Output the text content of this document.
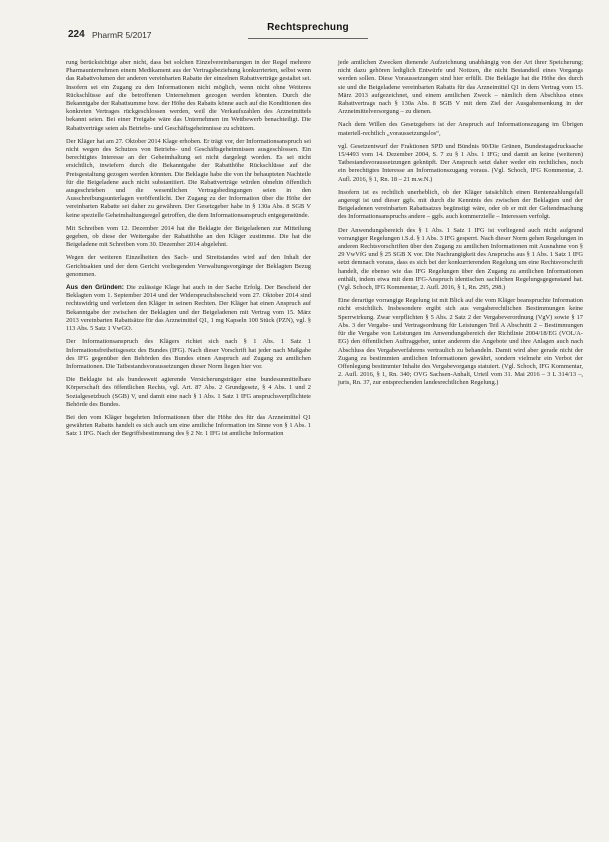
224 PharmR 5/2017
Rechtsprechung

rung berücksichtige aber nicht, dass bei solchen Einzelvereinbarungen in der Regel mehrere Pharmaunternehmen einem Medikament aus der Vertragsbeziehung konkurrierten, selbst wenn das Rabattvolumen der anderen vereinbarten Rabatte der einzelnen Rabattverträge gestaltet sei. Insofern sei ein Zugang zu den Informationen nicht möglich, wenn nicht ohne Weiteres Rückschlüsse auf die betroffenen Unternehmen gezogen werden könnten. Durch die Bekanntgabe der Rabattsumme bzw. der Höhe des Rabatts könne auch auf die Konditionen des konkreten Vertrages rückgeschlossen werden, weil die Verkaufszahlen des Arzneimittels bekannt seien. Bei einer Freigabe wäre das Unternehmen im Wettbewerb benachteiligt. Die Rabattverträge seien als Betriebs- und Geschäftsgeheimnisse zu schützen.

Der Kläger hat am 27. Oktober 2014 Klage erhoben. Er trägt vor, der Informationsanspruch sei nicht wegen des Schutzes von Betriebs- und Geschäftsgeheimnissen ausgeschlossen. Ein berechtigtes Interesse an der Geheimhaltung sei nicht dargelegt worden. Es sei nicht ersichtlich, inwiefern durch die Bekanntgabe der Rabatthöhe Rückschlüsse auf die Preisgestaltung gezogen werden könnten. Die Beklagte habe die von ihr behaupteten Nachteile für die Beigeladene auch nicht substantiiert. Die Rabattverträge würden ohnehin öffentlich ausgeschrieben und die wesentlichen Vertragsbedingungen seien in den Ausschreibungsunterlagen veröffentlicht. Der Zugang zu der Information über die Höhe der vereinbarten Rabatte sei daher zu gewähren. Der Gesetzgeber habe in § 130a Abs. 8 SGB V keine spezielle Geheimhaltungsregel getroffen, die dem Informationsanspruch entgegenstünde.

Mit Schreiben vom 12. Dezember 2014 hat die Beklagte der Beigeladenen zur Mitteilung gegeben, ob diese der Weitergabe der Rabatthöhe an den Kläger zustimme. Die hat die Beigeladene mit Schreiben vom 30. Dezember 2014 abgelehnt.

Wegen der weiteren Einzelheiten des Sach- und Streitstandes wird auf den Inhalt der Gerichtsakten und der dem Gericht vorliegenden Verwaltungsvorgänge der Beklagten Bezug genommen.

Aus den Gründen: Die zulässige Klage hat auch in der Sache Erfolg. Der Bescheid der Beklagten vom 1. September 2014 und der Widerspruchsbescheid vom 27. Oktober 2014 sind rechtswidrig und verletzen den Kläger in seinen Rechten. Der Kläger hat einen Anspruch auf Bekanntgabe der zwischen der Beklagten und der Beigeladenen mit Vertrag vom 15. März 2013 vereinbarten Rabattsätze für das Arzneimittel Q1, 1 mg Kapseln 100 Stück (PZN), vgl. § 113 Abs. 5 Satz 1 VwGO.

Der Informationsanspruch des Klägers richtet sich nach § 1 Abs. 1 Satz 1 Informationsfreiheitsgesetz des Bundes (IFG). Nach dieser Vorschrift hat jeder nach Maßgabe des IFG gegenüber den Behörden des Bundes einen Anspruch auf Zugang zu amtlichen Informationen. Die Tatbestandsvoraussetzungen dieser Norm liegen hier vor.

Die Beklagte ist als bundesweit agierende Versicherungsträger eine bundesunmittelbare Körperschaft des öffentlichen Rechts, vgl. Art. 87 Abs. 2 Grundgesetz, § 4 Abs. 1 und 2 Sozialgesetzbuch (SGB) V, und damit eine nach § 1 Abs. 1 Satz 1 IFG anspruchsverpflichtete Behörde des Bundes.

Bei den vom Kläger begehrten Informationen über die Höhe des für das Arzneimittel Q1 gewährten Rabatts handelt es sich auch um eine amtliche Information im Sinne von § 1 Abs. 1 Satz 1 IFG. Nach der Begriffsbestimmung des § 2 Nr. 1 IFG ist amtliche Information

jede amtlichen Zwecken dienende Aufzeichnung unabhängig von der Art ihrer Speicherung; nicht dazu gehören lediglich Entwürfe und Notizen, die nicht Bestandteil eines Vorgangs werden sollen. Diese Voraussetzungen sind hier erfüllt. Die Beklagte hat die Höhe des durch sie und die Beigeladene vereinbarten Rabatts für das Arzneimittel Q1 in dem Vertrag vom 15. März 2013 aufgezeichnet, und einem amtlichen Zweck – nämlich dem Abschluss eines Rabattvertrags nach § 130a Abs. 8 SGB V mit dem Ziel der Ausgabensenkung in der Arzneimittelversorgung – zu dienen.

Nach dem Willen des Gesetzgebers ist der Anspruch auf Informationszugang im Übrigen materiell-rechtlich „voraussetzungslos“,

vgl. Gesetzentwurf der Fraktionen SPD und Bündnis 90/Die Grünen, Bundestagsdrucksache 15/4493 vom 14. Dezember 2004, S. 7 zu § 1 Abs. 1 IFG; und damit an keine (weiteren) Tatbestandsvoraussetzungen geknüpft. Der Anspruch setzt daher weder ein rechtliches, noch ein berechtigtes Interesse an Informationszugang voraus. (Vgl. Schoch, IFG Kommentar, 2. Aufl. 2016, § 1, Rn. 18 – 21 m.w.N.)

Insofern ist es rechtlich unerheblich, ob der Kläger tatsächlich einen Rentenzahlungsfall angeregt ist und dieser ggfs. mit durch die Kenntnis des zwischen der Beklagten und der Beigeladenen vereinbarten Rabattsatzes begünstigt wäre, oder ob er mit der Geltendmachung des Informationsanspruchs andere – ggfs. auch kommerzielle – Interessen verfolgt.

Der Anwendungsbereich des § 1 Abs. 1 Satz 1 IFG ist vorliegend auch nicht aufgrund vorrangiger Regelungen i.S.d. § 1 Abs. 3 IFG gesperrt. Nach dieser Norm gehen Regelungen in anderen Rechtsvorschriften über den Zugang zu amtlichen Informationen mit Ausnahme von § 29 VwVfG und § 25 SGB X vor. Die Nachrangigkeit des Anspruchs aus § 1 Abs. 1 Satz 1 IFG setzt demnach voraus, dass es sich bei der konkurrierenden Regelung um eine Rechtsvorschrift handelt, die ebenso wie das IFG Regelungen über den Zugang zu amtlichen Informationen enthält, indem etwa mit dem IFG-Anspruch identischen sachlichen Regelungsgegenstand hat. (Vgl. Schoch, IFG Kommentar, 2. Aufl. 2016, § 1, Rn. 295, 298.)

Eine derartige vorrangige Regelung ist mit Blick auf die vom Kläger beanspruchte Information nicht ersichtlich. Insbesondere ergibt sich aus vergaberechtlichen Bestimmungen keine Sperrwirkung. Zwar verpflichten § 5 Abs. 2 Satz 2 der Vergabeverordnung (VgV) sowie § 17 Abs. 3 der Vergabe- und Vertragsordnung für Leistungen Teil A Abschnitt 2 – Bestimmungen für die Vergabe von Leistungen im Anwendungsbereich der Richtlinie 2004/18/EG (VOL/A-EG) den öffentlichen Auftraggeber, unter anderem die Angebote und ihre Anlagen auch nach Abschluss des Vergabeverfahrens vertraulich zu behandeln. Damit wird aber gerade nicht der Zugang zu bestimmten amtlichen Informationen gewährt, sondern vielmehr ein Verbot der Offenlegung bestimmter Inhalte des Vergabevorgangs statuiert. (Vgl. Schoch, IFG Kommentar, 2. Aufl. 2016, § 1, Rn. 340; OVG Sachsen-Anhalt, Urteil vom 31. Mai 2016 – 3 L 314/13 –, juris, Rn. 37, zur entsprechenden landesrechtlichen Regelung.)
